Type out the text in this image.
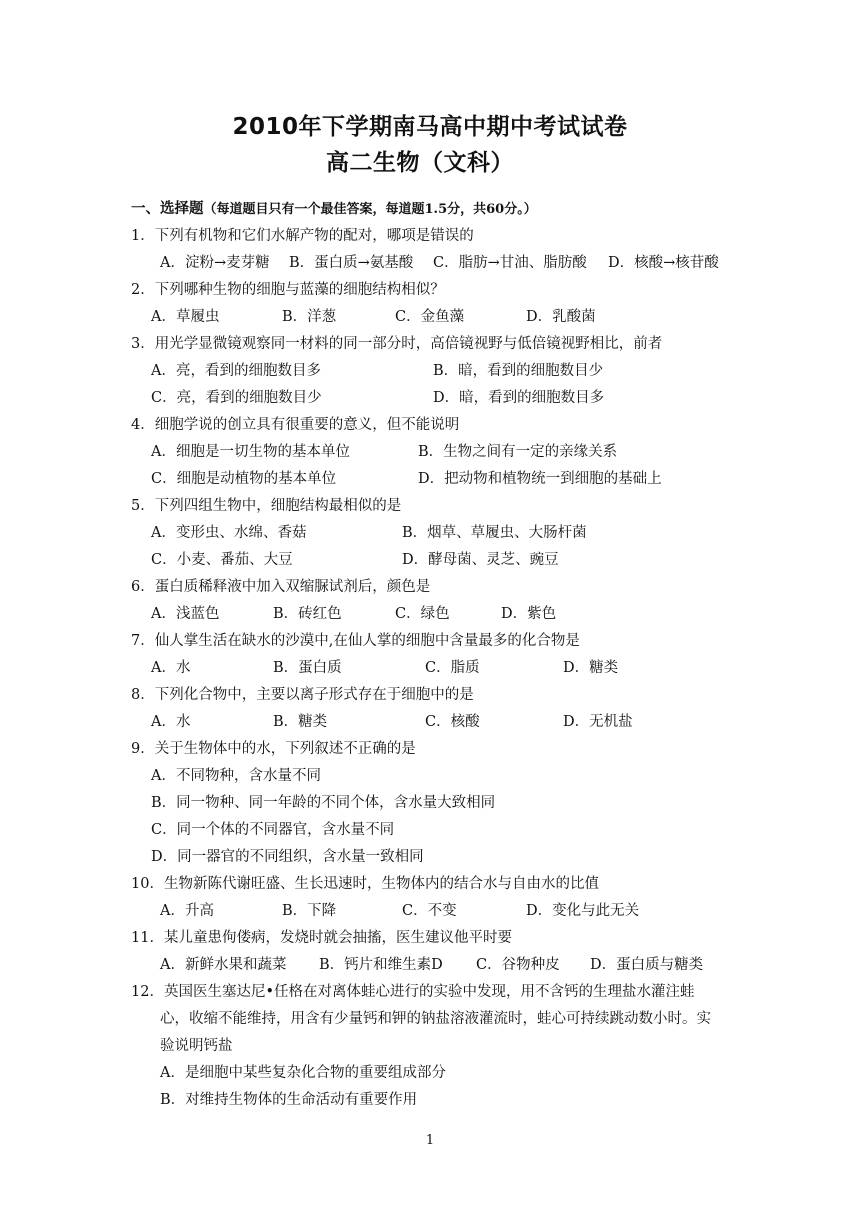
2010年下学期南马高中期中考试试卷
高二生物（文科）
一、选择题（每道题目只有一个最佳答案，每道题1.5分，共60分。）
1．下列有机物和它们水解产物的配对，哪项是错误的
A．淀粉→麦芽糖 B．蛋白质→氨基酸 C．脂肪→甘油、脂肪酸 D．核酸→核苷酸
2．下列哪种生物的细胞与蓝藻的细胞结构相似？
A．草履虫	B．洋葱	C．金鱼藻	D．乳酸菌
3．用光学显微镜观察同一材料的同一部分时，高倍镜视野与低倍镜视野相比，前者
A．亮，看到的细胞数目多	B．暗，看到的细胞数目少
C．亮，看到的细胞数目少	D．暗，看到的细胞数目多
4．细胞学说的创立具有很重要的意义，但不能说明
A．细胞是一切生物的基本单位	B．生物之间有一定的亲缘关系
C．细胞是动植物的基本单位	D．把动物和植物统一到细胞的基础上
5．下列四组生物中，细胞结构最相似的是
A．变形虫、水绵、香菇	B．烟草、草履虫、大肠杆菌
C．小麦、番茄、大豆	D．酵母菌、灵芝、豌豆
6．蛋白质稀释液中加入双缩脲试剂后，颜色是
A．浅蓝色	B．砖红色	C．绿色	D．紫色
7．仙人掌生活在缺水的沙漠中,在仙人掌的细胞中含量最多的化合物是
A．水	B．蛋白质	C．脂质	D．糖类
8．下列化合物中，主要以离子形式存在于细胞中的是
A．水	B．糖类	C．核酸	D．无机盐
9．关于生物体中的水，下列叙述不正确的是
A．不同物种，含水量不同
B．同一物种、同一年龄的不同个体，含水量大致相同
C．同一个体的不同器官，含水量不同
D．同一器官的不同组织，含水量一致相同
10．生物新陈代谢旺盛、生长迅速时，生物体内的结合水与自由水的比值
A．升高	B．下降	C．不变	D．变化与此无关
11．某儿童患佝偻病，发烧时就会抽搐，医生建议他平时要
A．新鲜水果和蔬菜 B．钙片和维生素D C．谷物种皮 D．蛋白质与糖类
12．英国医生塞达尼•任格在对离体蛙心进行的实验中发现，用不含钙的生理盐水灌注蛙
心，收缩不能维持，用含有少量钙和钾的钠盐溶液灌流时，蛙心可持续跳动数小时。实
验说明钙盐
A．是细胞中某些复杂化合物的重要组成部分
B．对维持生物体的生命活动有重要作用
1
